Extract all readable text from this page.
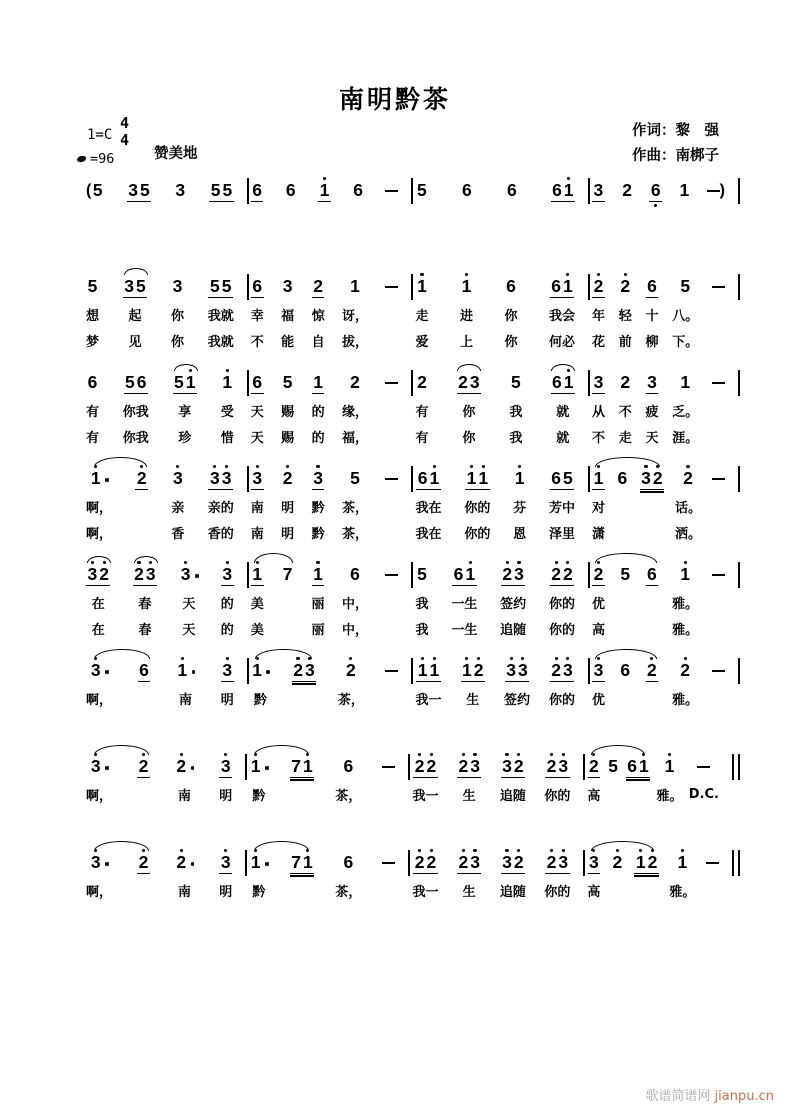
南明黔茶
1=C
4
4
=96	赞美地
作词：黎　强
作曲：南梆子
( 5 3 5 3 5 5 6 6 1 6	5 6 6 6 1 3 2 6 1 )
5
想
梦
3 5
起
见
3
你
你
5 5
我就
我就
6
幸
不
3
福
能
2
惊
自
1
讶，
拔，
1
走
爱
1
进
上
6
你
你
6 1
我会
何必
2
年
花
2
轻
前
6
十
柳
5
八。
下。
6
有
有
5 6
你我
你我
5 1
享
珍
1
受
惜
6
天
天
5
赐
赐
1
的
的
2
缘，
福，
2
有
有
2 3
你
你
5
我
我
6 1
就
就
3
从
不
2
不
走
3
疲
天
1
乏。
涯。
1
啊，
啊，
2 3
亲
香
3 3
亲的
香的
3
南
南
2
明
明
3
黔
黔
5
茶，
茶，
6 1
我在
我在
1 1
你的
你的
1
芬
恩
6 5
芳中
泽里
1
对
潇
6 3 2 2
话。
洒。
3 2
在
在
2 3
春
春
3
天
天
3
的
的
1
美
美
7 1
丽
丽
6
中，
中，
5
我
我
6 1
一生
一生
2 3
签约
追随
2 2
你的
你的
2
优
高
5 6 1
雅。
雅。
3
啊，
6 1
南
3
明
1
黔
2 3 2
茶，
1 1
我一
1 2
生
3 3
签约
2 3
你的
3
优
6 2 2
雅。
3
啊，
2 2
南
3
明
1
黔
7 1 6
茶，
2 2
我一
2 3
生
3 2
追随
2 3
你的
2
高
5 6 1 1
雅。 D.C.
3
啊，
2 2
南
3
明
1
黔
7 1 6
茶，
2 2
我一
2 3
生
3 2
追随
2 3
你的
3
高
2 1 2 1
雅。
歌谱简谱网 jianpu.cn
